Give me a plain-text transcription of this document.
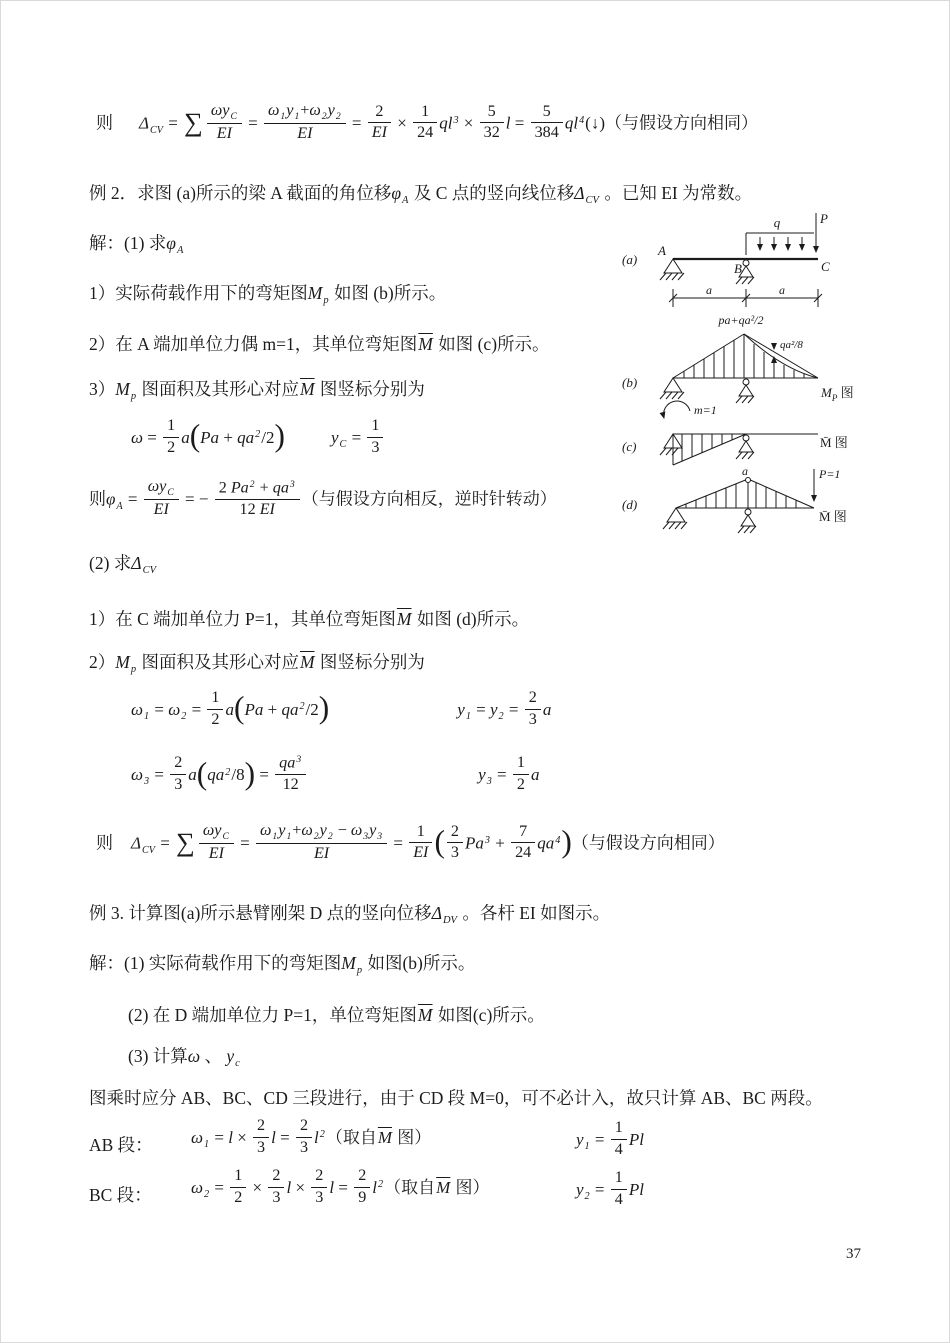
则 $\Delta_{CV}$ = ∑ $\omega y_C$
EI
= $\frac{\omega_1y_1+\omega_2y_2}{EI} = \frac{2}{EI} \times \frac{1}{24} ql^3 \times \frac{5}{32}$ $l = \frac{5}{384}$ $ql^4(↓)$（与假设方向相同）
例 2．求图 (a)所示的梁 A 截面的角位移$\varphi_A$ 及 C 点的竖向线位移$\Delta_{CV}$ 。已知 EI 为常数。
解：(1) 求$\varphi_A$
1）实际荷载作用下的弯矩图$M_p$ 如图 (b)所示。
2）在 A 端加单位力偶 m=1，其单位弯矩图$\overline{M}$ 如图 (c)所示。
$3)M_p$ 图面积及其形心对应$\overline{M}$ 图竖标分别为
$\omega = \frac{1}{2} a(Pa + qa^2/2)$	$y_C = \frac{1}{3}$
则$\varphi_A$ =
$\omega y_C$
EI
= − $\frac{2 Pa^2 + qa^3}{12 EI}$ （与假设方向相反，逆时针转动）
(2) 求$\Delta_{CV}$
1）在 C 端加单位力 P=1，其单位弯矩图$\overline{M}$ 如图 (d)所示。
$2)M_p$ 图面积及其形心对应$\overline{M}$ 图竖标分别为
$\omega_1 = \omega_2 = \frac{1}{2} a(Pa + qa^2/2)$	$y_1 = y_2 = \frac{2}{3}$ a
$\omega_3 = \frac{2}{3} a(qa^2/8) = \frac{qa^3}{12}$	$y_3 = \frac{1}{2}$ a
则 $\Delta_{CV}$ = ∑ $\omega y_C$
EI
= $\frac{\omega_1y_1+\omega_2y_2 - \omega_3y_3}{EI} = \frac{1}{EI}$ ( $\frac{2}{3} Pa^3 + \frac{7}{24} qa^4$)（与假设方向相同）
例 3. 计算图(a)所示悬臂刚架 D 点的竖向位移$\Delta_{DV}$ 。各杆 EI 如图示。
解：(1) 实际荷载作用下的弯矩图$M_p$ 如图(b)所示。
(2) 在 D 端加单位力 P=1，单位弯矩图$\overline{M}$ 如图(c)所示。
(3) 计算ω 、 $y_c$
图乘时应分 AB、BC、CD 三段进行，由于 CD 段 M=0，可不必计入，故只计算 AB、BC 两段。
AB 段： $\omega_1 = l \times \frac{2}{3}$ $l = \frac{2}{3} l^2$（取自$\overline{M}$ 图）	$y_1 = \frac{1}{4}$ Pl
BC 段： $\omega_2 = \frac{1}{2} \times \frac{2}{3}$ $l \times \frac{2}{3}$ $l = \frac{2}{9} l^2$（取自$\overline{M}$ 图）	$y_2 = \frac{1}{4}$ Pl
37
(a)
P
q
A
B	C
a	a
(b)
pa+qa²/2
qa²/8
$M_P$ 图
(c)
m=1
M̄ 图
(d)
a	P=1
M̄ 图
